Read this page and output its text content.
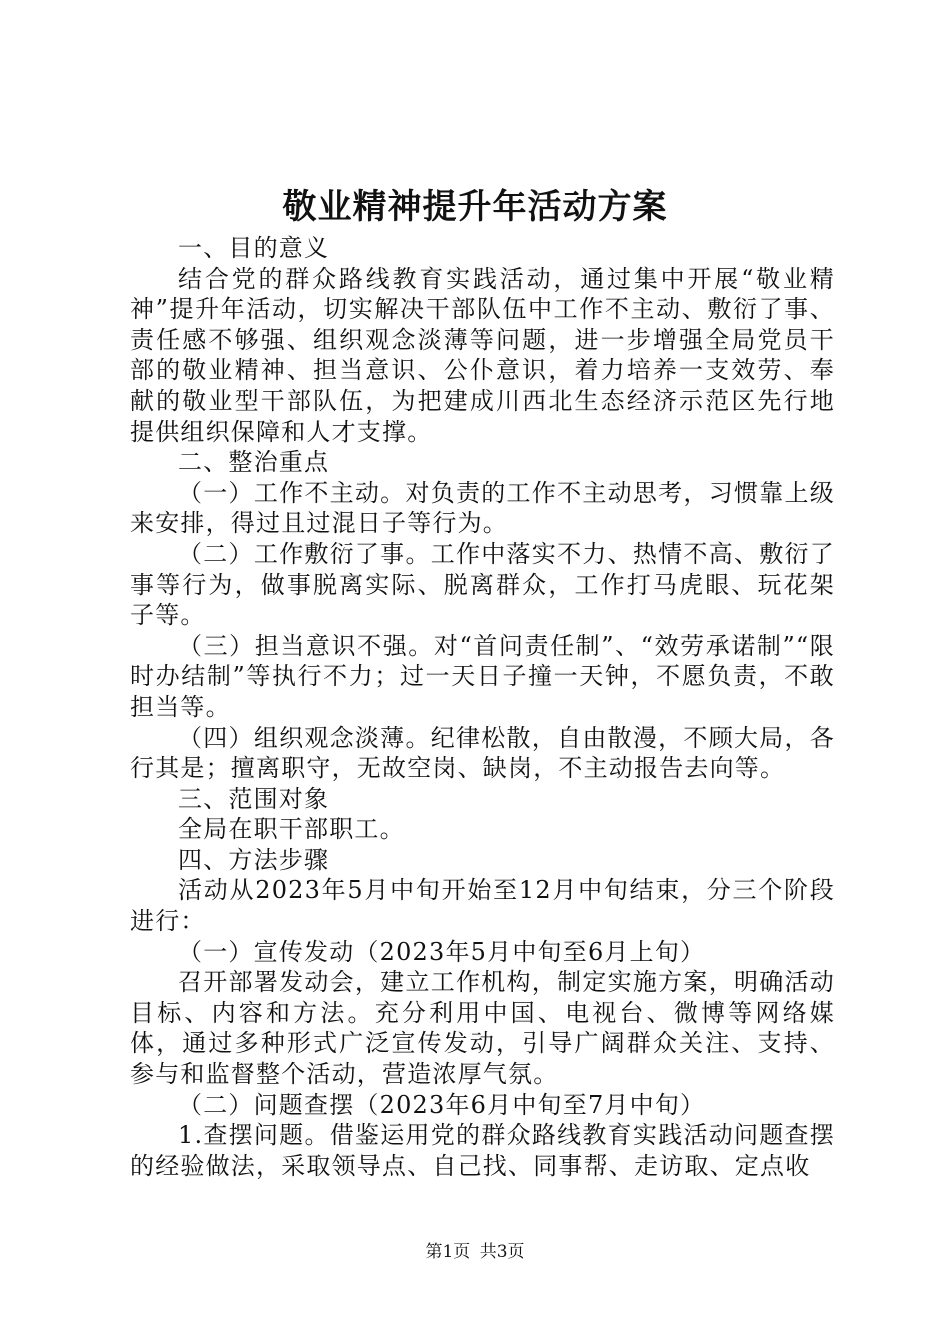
敬业精神提升年活动方案

一、目的意义

结合党的群众路线教育实践活动，通过集中开展“敬业精神”提升年活动，切实解决干部队伍中工作不主动、敷衍了事、责任感不够强、组织观念淡薄等问题，进一步增强全局党员干部的敬业精神、担当意识、公仆意识，着力培养一支效劳、奉献的敬业型干部队伍，为把建成川西北生态经济示范区先行地提供组织保障和人才支撑。

二、整治重点

（一）工作不主动。对负责的工作不主动思考，习惯靠上级来安排，得过且过混日子等行为。

（二）工作敷衍了事。工作中落实不力、热情不高、敷衍了事等行为，做事脱离实际、脱离群众，工作打马虎眼、玩花架子等。

（三）担当意识不强。对“首问责任制”、“效劳承诺制”“限时办结制”等执行不力；过一天日子撞一天钟，不愿负责，不敢担当等。

（四）组织观念淡薄。纪律松散，自由散漫，不顾大局，各行其是；擅离职守，无故空岗、缺岗，不主动报告去向等。

三、范围对象

全局在职干部职工。

四、方法步骤

活动从2023年5月中旬开始至12月中旬结束，分三个阶段进行：

（一）宣传发动（2023年5月中旬至6月上旬）

召开部署发动会，建立工作机构，制定实施方案，明确活动目标、内容和方法。充分利用中国、电视台、微博等网络媒体，通过多种形式广泛宣传发动，引导广阔群众关注、支持、参与和监督整个活动，营造浓厚气氛。

（二）问题查摆（2023年6月中旬至7月中旬）

1.查摆问题。借鉴运用党的群众路线教育实践活动问题查摆的经验做法，采取领导点、自己找、同事帮、走访取、定点收

第1页 共3页
